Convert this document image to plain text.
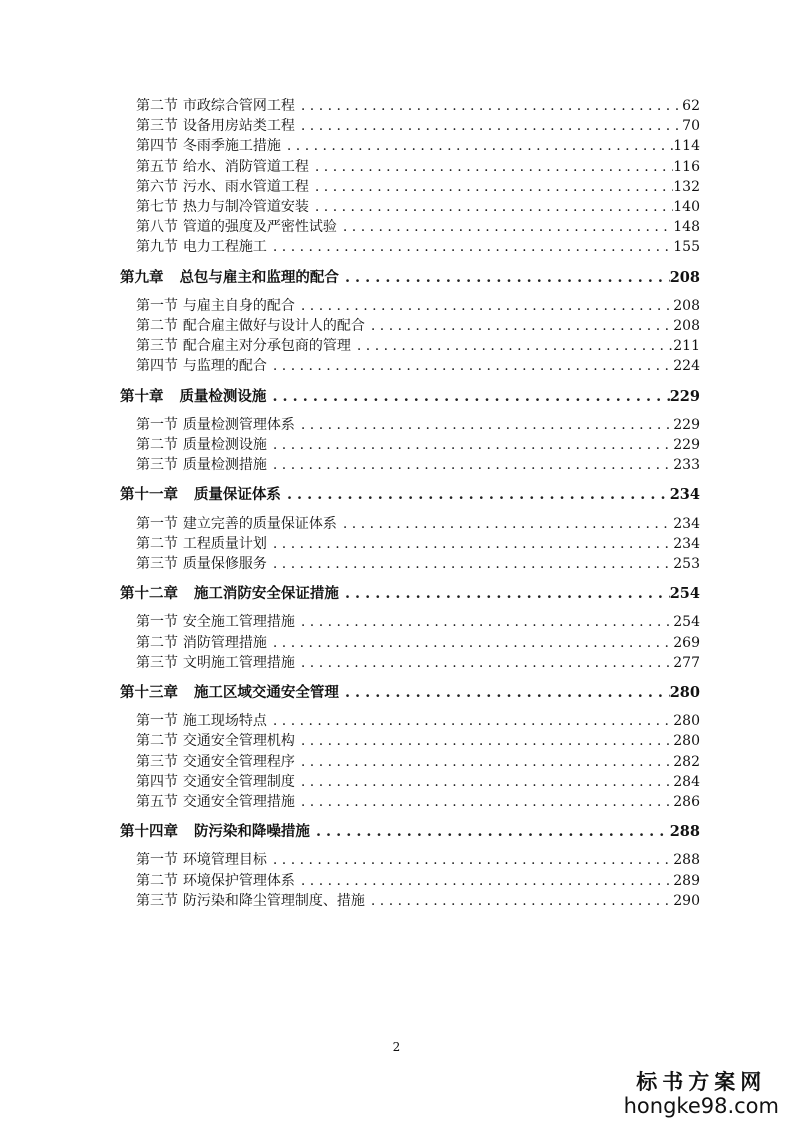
第二节 市政综合管网工程 . . .	62
第三节 设备用房站类工程 . . .	70
第四节 冬雨季施工措施 . . .	114
第五节 给水、消防管道工程 . . .	116
第六节 污水、雨水管道工程 . . .	132
第七节 热力与制冷管道安装 . . .	140
第八节 管道的强度及严密性试验 . . .	148
第九节 电力工程施工 . . .	155
第九章 总包与雇主和监理的配合 . . .	208
第一节 与雇主自身的配合 . . .	208
第二节 配合雇主做好与设计人的配合 . . .	208
第三节 配合雇主对分承包商的管理 . . .	211
第四节 与监理的配合 . . .	224
第十章 质量检测设施 . . .	229
第一节 质量检测管理体系 . . .	229
第二节 质量检测设施 . . .	229
第三节 质量检测措施 . . .	233
第十一章 质量保证体系 . . .	234
第一节 建立完善的质量保证体系 . . .	234
第二节 工程质量计划 . . .	234
第三节 质量保修服务 . . .	253
第十二章 施工消防安全保证措施 . . .	254
第一节 安全施工管理措施 . . .	254
第二节 消防管理措施 . . .	269
第三节 文明施工管理措施 . . .	277
第十三章 施工区域交通安全管理 . . .	280
第一节 施工现场特点 . . .	280
第二节 交通安全管理机构 . . .	280
第三节 交通安全管理程序 . . .	282
第四节 交通安全管理制度 . . .	284
第五节 交通安全管理措施 . . .	286
第十四章 防污染和降噪措施 . . .	288
第一节 环境管理目标 . . .	288
第二节 环境保护管理体系 . . .	289
第三节 防污染和降尘管理制度、措施 . . .	290
2
标书方案网
hongke98.com
